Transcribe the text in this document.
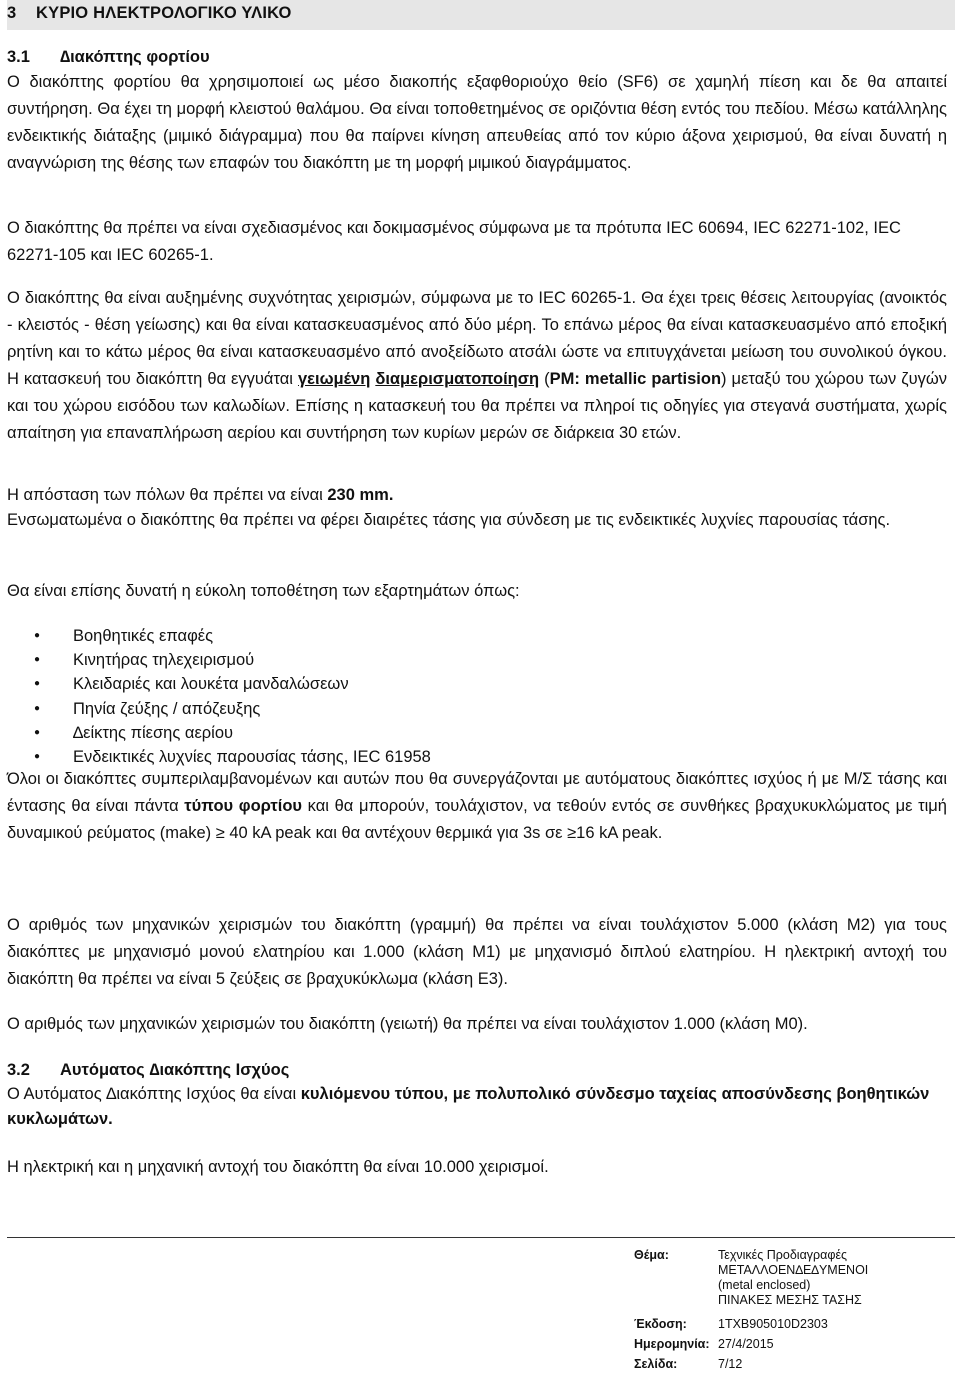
3 ΚΥΡΙΟ ΗΛΕΚΤΡΟΛΟΓΙΚΟ ΥΛΙΚΟ
3.1 ∆ιακόπτης φορτίου
Ο διακόπτης φορτίου θα χρησιμοποιεί ως μέσο διακοπής εξαφθοριούχο θείο (SF6) σε χαμηλή πίεση και δε θα απαιτεί συντήρηση. Θα έχει τη μορφή κλειστού θαλάμου. Θα είναι τοποθετημένος σε οριζόντια θέση εντός του πεδίου. Μέσω κατάλληλης ενδεικτικής διάταξης (μιμικό διάγραμμα) που θα παίρνει κίνηση απευθείας από τον κύριο άξονα χειρισμού, θα είναι δυνατή η αναγνώριση της θέσης των επαφών του διακόπτη με τη μορφή μιμικού διαγράμματος.
Ο διακόπτης θα πρέπει να είναι σχεδιασμένος και δοκιμασμένος σύμφωνα με τα πρότυπα IEC 60694, IEC 62271-102, IEC 62271-105 και IEC 60265-1.
Ο διακόπτης θα είναι αυξημένης συχνότητας χειρισμών, σύμφωνα με το IEC 60265-1. Θα έχει τρεις θέσεις λειτουργίας (ανοικτός - κλειστός - θέση γείωσης) και θα είναι κατασκευασμένος από δύο μέρη. Το επάνω μέρος θα είναι κατασκευασμένο από εποξική ρητίνη και το κάτω μέρος θα είναι κατασκευασμένο από ανοξείδωτο ατσάλι ώστε να επιτυγχάνεται μείωση του συνολικού όγκου. Η κατασκευή του διακόπτη θα εγγυάται γειωμένη διαμερισματοποίηση (PM: metallic partision) μεταξύ του χώρου των ζυγών και του χώρου εισόδου των καλωδίων. Επίσης η κατασκευή του θα πρέπει να πληροί τις οδηγίες για στεγανά συστήματα, χωρίς απαίτηση για επαναπλήρωση αερίου και συντήρηση των κυρίων μερών σε διάρκεια 30 ετών.
Η απόσταση των πόλων θα πρέπει να είναι 230 mm.
Ενσωματωμένα ο διακόπτης θα πρέπει να φέρει διαιρέτες τάσης για σύνδεση με τις ενδεικτικές λυχνίες παρουσίας τάσης.
Θα είναι επίσης δυνατή η εύκολη τοποθέτηση των εξαρτημάτων όπως:
● Βοηθητικές επαφές
● Κινητήρας τηλεχειρισμού
● Κλειδαριές και λουκέτα μανδαλώσεων
● Πηνία ζεύξης / απόζευξης
● ∆είκτης πίεσης αερίου
● Ενδεικτικές λυχνίες παρουσίας τάσης, IEC 61958
Όλοι οι διακόπτες συμπεριλαμβανομένων και αυτών που θα συνεργάζονται με αυτόματους διακόπτες ισχύος ή με Μ/Σ τάσης και έντασης θα είναι πάντα τύπου φορτίου και θα μπορούν, τουλάχιστον, να τεθούν εντός σε συνθήκες βραχυκυκλώματος με τιμή δυναμικού ρεύματος (make) ≥ 40 kA peak και θα αντέχουν θερμικά για 3s σε ≥16 kA peak.
Ο αριθμός των μηχανικών χειρισμών του διακόπτη (γραμμή) θα πρέπει να είναι τουλάχιστον 5.000 (κλάση Μ2) για τους διακόπτες με μηχανισμό μονού ελατηρίου και 1.000 (κλάση Μ1) με μηχανισμό διπλού ελατηρίου. Η ηλεκτρική αντοχή του διακόπτη θα πρέπει να είναι 5 ζεύξεις σε βραχυκύκλωμα (κλάση Ε3).
Ο αριθμός των μηχανικών χειρισμών του διακόπτη (γειωτή) θα πρέπει να είναι τουλάχιστον 1.000 (κλάση Μ0).
3.2 Αυτόματος ∆ιακόπτης Ισχύος
Ο Αυτόματος ∆ιακόπτης Ισχύος θα είναι κυλιόμενου τύπου, με πολυπολικό σύνδεσμο ταχείας αποσύνδεσης βοηθητικών κυκλωμάτων.
Η ηλεκτρική και η μηχανική αντοχή του διακόπτη θα είναι 10.000 χειρισμοί.
Θέμα:	Τεχνικές Προδιαγραφές
ΜΕΤΑΛΛΟΕΝ∆Ε∆ΥΜΕΝΟΙ
(metal enclosed)
ΠΙΝΑΚΕΣ ΜΕΣΗΣ ΤΑΣΗΣ
Έκδοση: 1TXB905010D2303
Ημερομηνία: 27/4/2015
Σελίδα:	7/12
